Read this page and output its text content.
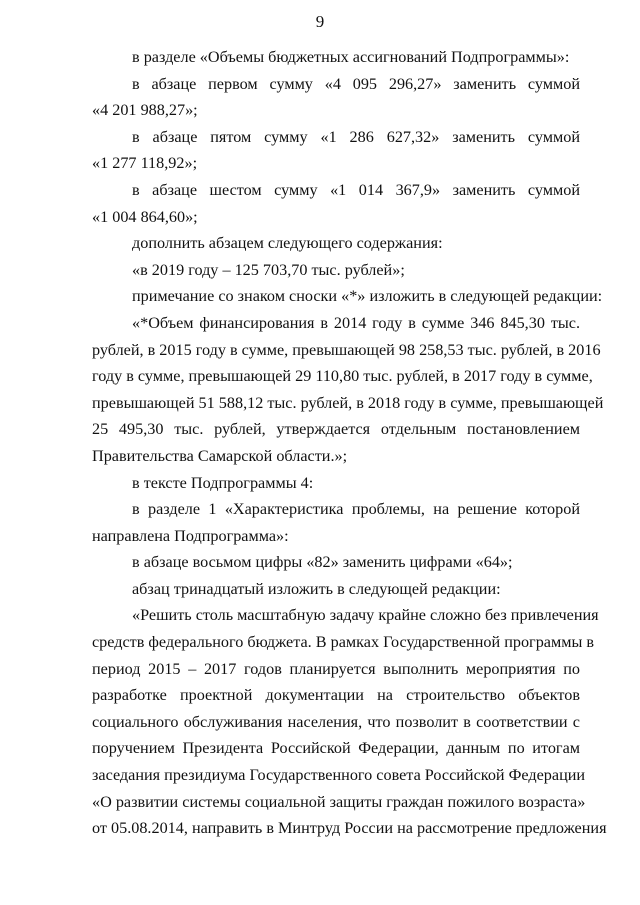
9

в разделе «Объемы бюджетных ассигнований Подпрограммы»:

в абзаце первом сумму «4 095 296,27» заменить суммой
«4 201 988,27»;

в абзаце пятом сумму «1 286 627,32» заменить суммой
«1 277 118,92»;

в абзаце шестом сумму «1 014 367,9» заменить суммой
«1 004 864,60»;

дополнить абзацем следующего содержания:

«в 2019 году – 125 703,70 тыс. рублей»;

примечание со знаком сноски «*» изложить в следующей редакции:

«*Объем финансирования в 2014 году в сумме 346 845,30 тыс.
рублей, в 2015 году в сумме, превышающей 98 258,53 тыс. рублей, в 2016
году в сумме, превышающей 29 110,80 тыс. рублей, в 2017 году в сумме,
превышающей 51 588,12 тыс. рублей, в 2018 году в сумме, превышающей
25 495,30 тыс. рублей, утверждается отдельным постановлением
Правительства Самарской области.»;

в тексте Подпрограммы 4:

в разделе 1 «Характеристика проблемы, на решение которой
направлена Подпрограмма»:

в абзаце восьмом цифры «82» заменить цифрами «64»;

абзац тринадцатый изложить в следующей редакции:

«Решить столь масштабную задачу крайне сложно без привлечения
средств федерального бюджета. В рамках Государственной программы в
период 2015 – 2017 годов планируется выполнить мероприятия по
разработке проектной документации на строительство объектов
социального обслуживания населения, что позволит в соответствии с
поручением Президента Российской Федерации, данным по итогам
заседания президиума Государственного совета Российской Федерации
«О развитии системы социальной защиты граждан пожилого возраста»
от 05.08.2014, направить в Минтруд России на рассмотрение предложения
